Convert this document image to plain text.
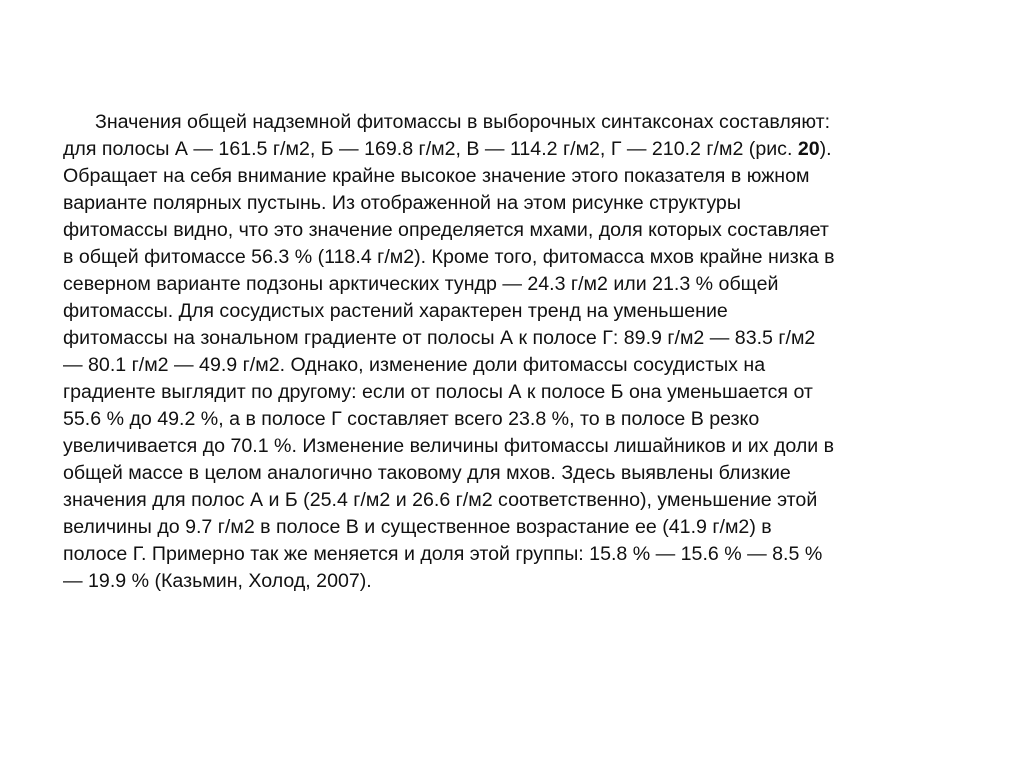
Значения общей надземной фитомассы в выборочных синтаксонах составляют:
для полосы А — 161.5 г/м2, Б — 169.8 г/м2, В — 114.2 г/м2, Г — 210.2 г/м2 (рис. 20).
Обращает на себя внимание крайне высокое значение этого показателя в южном
варианте полярных пустынь. Из отображенной на этом рисунке структуры
фитомассы видно, что это значение определяется мхами, доля которых составляет
в общей фитомассе 56.3 % (118.4 г/м2). Кроме того, фитомасса мхов крайне низка в
северном варианте подзоны арктических тундр — 24.3 г/м2 или 21.3 % общей
фитомассы. Для сосудистых растений характерен тренд на уменьшение
фитомассы на зональном градиенте от полосы А к полосе Г: 89.9 г/м2 — 83.5 г/м2
— 80.1 г/м2 — 49.9 г/м2. Однако, изменение доли фитомассы сосудистых на
градиенте выглядит по другому: если от полосы А к полосе Б она уменьшается от
55.6 % до 49.2 %, а в полосе Г составляет всего 23.8 %, то в полосе В резко
увеличивается до 70.1 %. Изменение величины фитомассы лишайников и их доли в
общей массе в целом аналогично таковому для мхов. Здесь выявлены близкие
значения для полос А и Б (25.4 г/м2 и 26.6 г/м2 соответственно), уменьшение этой
величины до 9.7 г/м2 в полосе В и существенное возрастание ее (41.9 г/м2) в
полосе Г. Примерно так же меняется и доля этой группы: 15.8 % — 15.6 % — 8.5 %
— 19.9 % (Казьмин, Холод, 2007).
